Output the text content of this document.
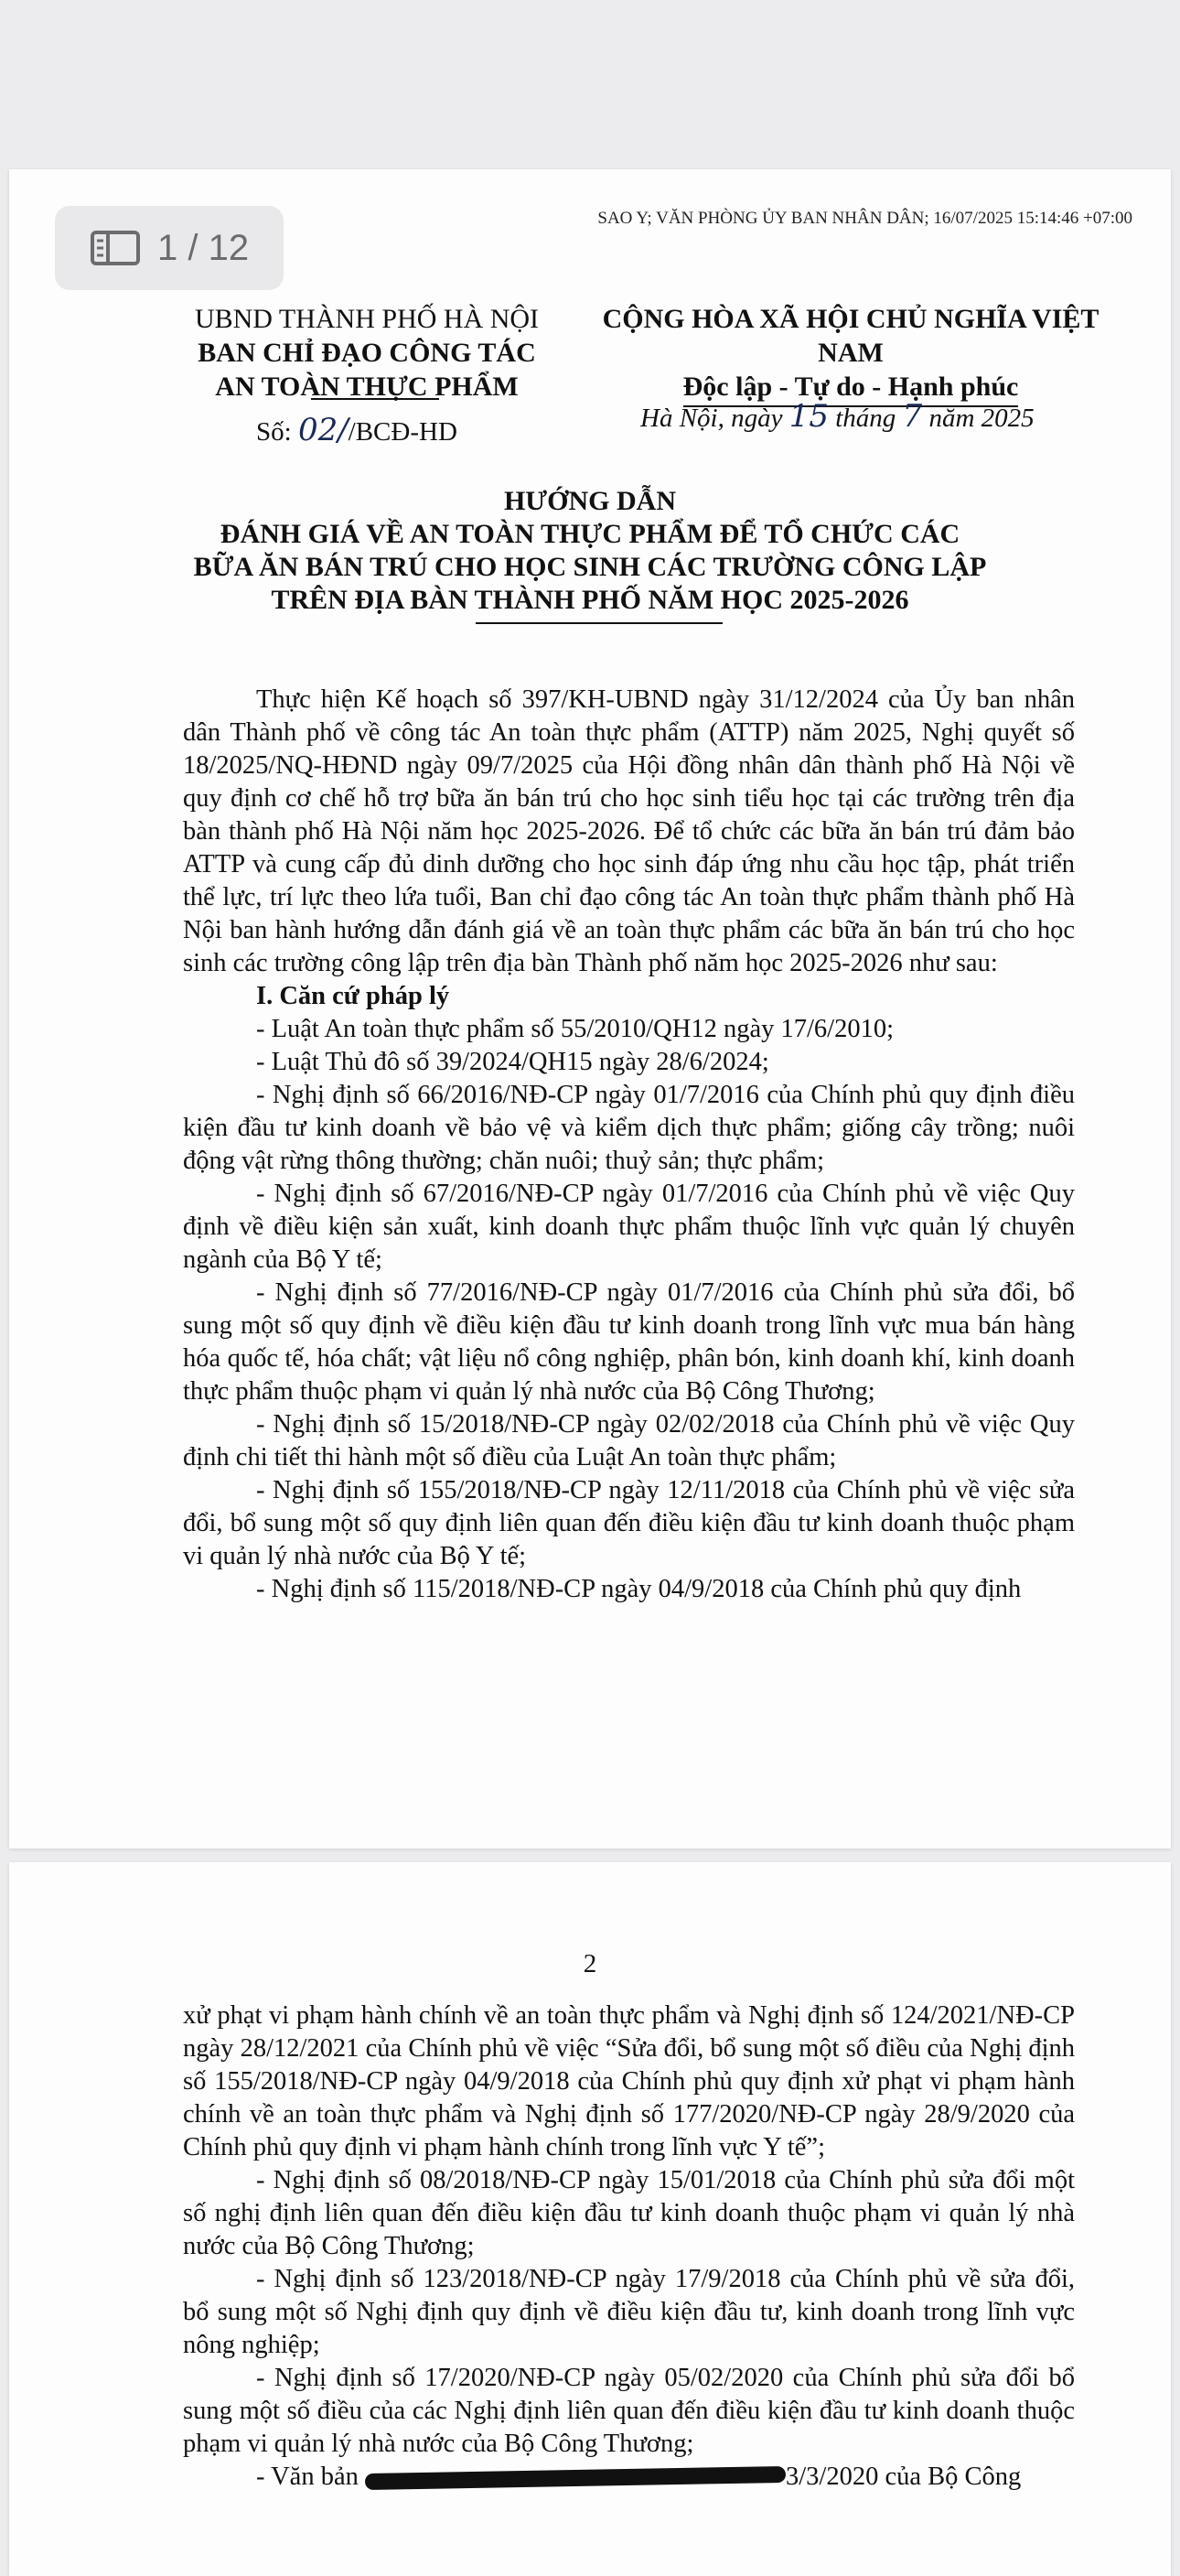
1 / 12
SAO Y; VĂN PHÒNG ỦY BAN NHÂN DÂN; 16/07/2025 15:14:46 +07:00
UBND THÀNH PHỐ HÀ NỘI
BAN CHỈ ĐẠO CÔNG TÁC
AN TOÀN THỰC PHẨM
CỘNG HÒA XÃ HỘI CHỦ NGHĨA VIỆT NAM
Độc lập - Tự do - Hạnh phúc
Số: 02//BCĐ-HD	Hà Nội, ngày 15 tháng 7 năm 2025
HƯỚNG DẪN
ĐÁNH GIÁ VỀ AN TOÀN THỰC PHẨM ĐỂ TỔ CHỨC CÁC
BỮA ĂN BÁN TRÚ CHO HỌC SINH CÁC TRƯỜNG CÔNG LẬP
TRÊN ĐỊA BÀN THÀNH PHỐ NĂM HỌC 2025-2026

Thực hiện Kế hoạch số 397/KH-UBND ngày 31/12/2024 của Ủy ban nhân dân Thành phố về công tác An toàn thực phẩm (ATTP) năm 2025, Nghị quyết số 18/2025/NQ-HĐND ngày 09/7/2025 của Hội đồng nhân dân thành phố Hà Nội về quy định cơ chế hỗ trợ bữa ăn bán trú cho học sinh tiểu học tại các trường trên địa bàn thành phố Hà Nội năm học 2025-2026. Để tổ chức các bữa ăn bán trú đảm bảo ATTP và cung cấp đủ dinh dưỡng cho học sinh đáp ứng nhu cầu học tập, phát triển thể lực, trí lực theo lứa tuổi, Ban chỉ đạo công tác An toàn thực phẩm thành phố Hà Nội ban hành hướng dẫn đánh giá về an toàn thực phẩm các bữa ăn bán trú cho học sinh các trường công lập trên địa bàn Thành phố năm học 2025-2026 như sau:

I. Căn cứ pháp lý

- Luật An toàn thực phẩm số 55/2010/QH12 ngày 17/6/2010;

- Luật Thủ đô số 39/2024/QH15 ngày 28/6/2024;

- Nghị định số 66/2016/NĐ-CP ngày 01/7/2016 của Chính phủ quy định điều kiện đầu tư kinh doanh về bảo vệ và kiểm dịch thực phẩm; giống cây trồng; nuôi động vật rừng thông thường; chăn nuôi; thuỷ sản; thực phẩm;

- Nghị định số 67/2016/NĐ-CP ngày 01/7/2016 của Chính phủ về việc Quy định về điều kiện sản xuất, kinh doanh thực phẩm thuộc lĩnh vực quản lý chuyên ngành của Bộ Y tế;

- Nghị định số 77/2016/NĐ-CP ngày 01/7/2016 của Chính phủ sửa đổi, bổ sung một số quy định về điều kiện đầu tư kinh doanh trong lĩnh vực mua bán hàng hóa quốc tế, hóa chất; vật liệu nổ công nghiệp, phân bón, kinh doanh khí, kinh doanh thực phẩm thuộc phạm vi quản lý nhà nước của Bộ Công Thương;

- Nghị định số 15/2018/NĐ-CP ngày 02/02/2018 của Chính phủ về việc Quy định chi tiết thi hành một số điều của Luật An toàn thực phẩm;

- Nghị định số 155/2018/NĐ-CP ngày 12/11/2018 của Chính phủ về việc sửa đổi, bổ sung một số quy định liên quan đến điều kiện đầu tư kinh doanh thuộc phạm vi quản lý nhà nước của Bộ Y tế;

- Nghị định số 115/2018/NĐ-CP ngày 04/9/2018 của Chính phủ quy định

2

xử phạt vi phạm hành chính về an toàn thực phẩm và Nghị định số 124/2021/NĐ-CP ngày 28/12/2021 của Chính phủ về việc “Sửa đổi, bổ sung một số điều của Nghị định số 155/2018/NĐ-CP ngày 04/9/2018 của Chính phủ quy định xử phạt vi phạm hành chính về an toàn thực phẩm và Nghị định số 177/2020/NĐ-CP ngày 28/9/2020 của Chính phủ quy định vi phạm hành chính trong lĩnh vực Y tế”;

- Nghị định số 08/2018/NĐ-CP ngày 15/01/2018 của Chính phủ sửa đổi một số nghị định liên quan đến điều kiện đầu tư kinh doanh thuộc phạm vi quản lý nhà nước của Bộ Công Thương;

- Nghị định số 123/2018/NĐ-CP ngày 17/9/2018 của Chính phủ về sửa đổi, bổ sung một số Nghị định quy định về điều kiện đầu tư, kinh doanh trong lĩnh vực nông nghiệp;

- Nghị định số 17/2020/NĐ-CP ngày 05/02/2020 của Chính phủ sửa đổi bổ sung một số điều của các Nghị định liên quan đến điều kiện đầu tư kinh doanh thuộc phạm vi quản lý nhà nước của Bộ Công Thương;

- Văn bản	3/3/2020 của Bộ Công
